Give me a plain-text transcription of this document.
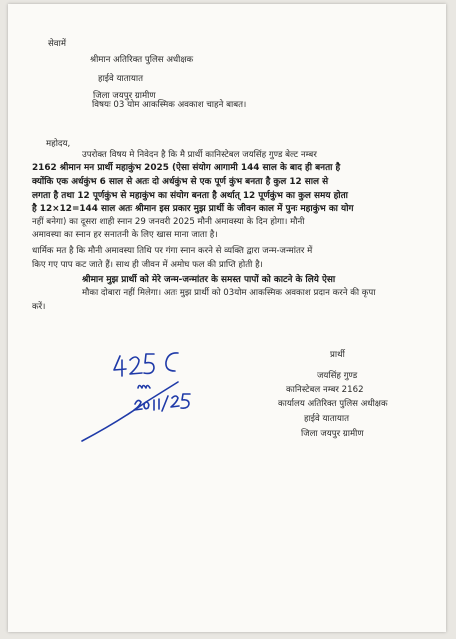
सेवामें
श्रीमान अतिरिक्त पुलिस अधीक्षक
हाईवे यातायात
जिला जयपुर ग्रामीण
विषयः 03 योम आकस्मिक अवकाश चाहने बाबत।
महोदय,
उपरोक्त विषय मे निवेदन है कि मै प्रार्थी कानिस्टेबल जयसिंह गुण्ड बेल्ट नम्बर
2162 श्रीमान मन प्रार्थी महाकुंभ 2025 (ऐसा संयोग आगामी 144 साल के बाद ही बनता है
क्योंकि एक अर्धकुंभ 6 साल से अतः दो अर्धकुंभ से एक पूर्ण कुंभ बनता है कुल 12 साल से
लगता है तथा 12 पूर्णकुंभ से महाकुंभ का संयोग बनता है अर्थात् 12 पूर्णकुंभ का कुल समय होता
है 12×12=144 साल अतः श्रीमान इस प्रकार मुझ प्रार्थी के जीवन काल में पुनः महाकुंभ का योग
नहीं बनेगा) का दूसरा शाही स्नान 29 जनवरी 2025 मौनी अमावस्या के दिन होगा। मौनी
अमावस्या का स्नान हर सनातनी के लिए खास माना जाता है।
धार्मिक मत है कि मौनी अमावस्या तिथि पर गंगा स्नान करने से व्यक्ति द्वारा जन्म-जन्मांतर में
किए गए पाप कट जाते हैं। साथ ही जीवन में अमोघ फल की प्राप्ति होती है।
श्रीमान मुझ प्रार्थी को मेरे जन्म-जन्मांतर के समस्त पापों को काटने के लिये ऐसा
मौका दोबारा नहीं मिलेगा। अतः मुझ प्रार्थी को 03योम आकस्मिक अवकाश प्रदान करने की कृपा
करें।
प्रार्थी
जयसिंह गुण्ड
कानिस्टेबल नम्बर 2162
कार्यालय अतिरिक्त पुलिस अधीक्षक
हाईवे यातायात
जिला जयपुर ग्रामीण
